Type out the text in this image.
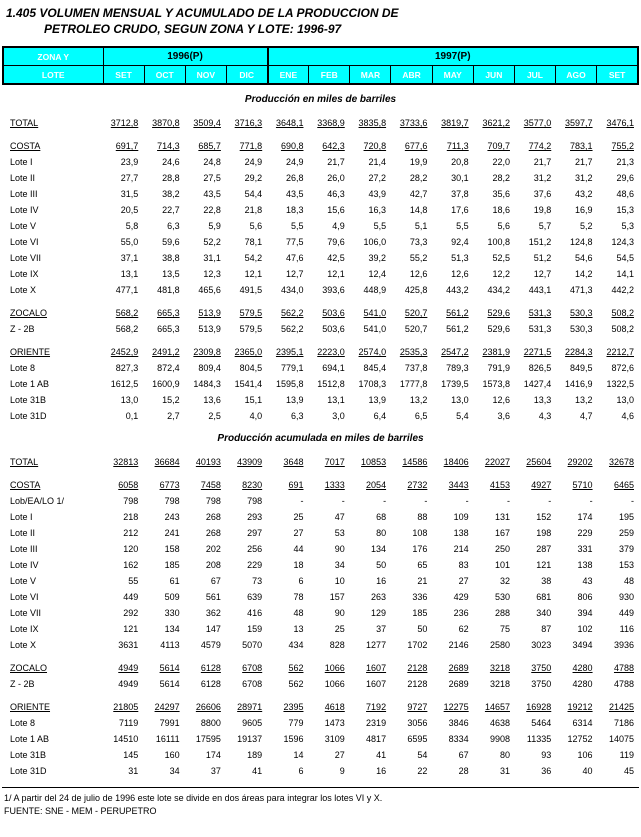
1.405 VOLUMEN MENSUAL Y ACUMULADO DE LA PRODUCCION DE
PETROLEO CRUDO, SEGUN ZONA Y LOTE: 1996-97
ZONA Y	1996(P)				1997(P)								
LOTE	SET	OCT	NOV	DIC	ENE	FEB	MAR	ABR	MAY	JUN	JUL	AGO	SET
Producción en miles de barriles
TOTAL	3712,8	3870,8	3509,4	3716,3	3648,1	3368,9	3835,8	3733,6	3819,7	3621,2	3577,0	3597,7	3476,1
COSTA	691,7	714,3	685,7	771,8	690,8	642,3	720,8	677,6	711,3	709,7	774,2	783,1	755,2
Lote I	23,9	24,6	24,8	24,9	24,9	21,7	21,4	19,9	20,8	22,0	21,7	21,7	21,3
Lote II	27,7	28,8	27,5	29,2	26,8	26,0	27,2	28,2	30,1	28,2	31,2	31,2	29,6
Lote III	31,5	38,2	43,5	54,4	43,5	46,3	43,9	42,7	37,8	35,6	37,6	43,2	48,6
Lote IV	20,5	22,7	22,8	21,8	18,3	15,6	16,3	14,8	17,6	18,6	19,8	16,9	15,3
Lote V	5,8	6,3	5,9	5,6	5,5	4,9	5,5	5,1	5,5	5,6	5,7	5,2	5,3
Lote VI	55,0	59,6	52,2	78,1	77,5	79,6	106,0	73,3	92,4	100,8	151,2	124,8	124,3
Lote VII	37,1	38,8	31,1	54,2	47,6	42,5	39,2	55,2	51,3	52,5	51,2	54,6	54,5
Lote IX	13,1	13,5	12,3	12,1	12,7	12,1	12,4	12,6	12,6	12,2	12,7	14,2	14,1
Lote X	477,1	481,8	465,6	491,5	434,0	393,6	448,9	425,8	443,2	434,2	443,1	471,3	442,2
ZOCALO	568,2	665,3	513,9	579,5	562,2	503,6	541,0	520,7	561,2	529,6	531,3	530,3	508,2
Z - 2B	568,2	665,3	513,9	579,5	562,2	503,6	541,0	520,7	561,2	529,6	531,3	530,3	508,2
ORIENTE	2452,9	2491,2	2309,8	2365,0	2395,1	2223,0	2574,0	2535,3	2547,2	2381,9	2271,5	2284,3	2212,7
Lote 8	827,3	872,4	809,4	804,5	779,1	694,1	845,4	737,8	789,3	791,9	826,5	849,5	872,6
Lote 1 AB	1612,5	1600,9	1484,3	1541,4	1595,8	1512,8	1708,3	1777,8	1739,5	1573,8	1427,4	1416,9	1322,5
Lote 31B	13,0	15,2	13,6	15,1	13,9	13,1	13,9	13,2	13,0	12,6	13,3	13,2	13,0
Lote 31D	0,1	2,7	2,5	4,0	6,3	3,0	6,4	6,5	5,4	3,6	4,3	4,7	4,6
Producción acumulada en miles de barriles
TOTAL	32813	36684	40193	43909	3648	7017	10853	14586	18406	22027	25604	29202	32678
COSTA	6058	6773	7458	8230	691	1333	2054	2732	3443	4153	4927	5710	6465
Lob/EA/LO 1/	798	798	798	798	-	-	-	-	-	-	-	-	-
Lote I	218	243	268	293	25	47	68	88	109	131	152	174	195
Lote II	212	241	268	297	27	53	80	108	138	167	198	229	259
Lote III	120	158	202	256	44	90	134	176	214	250	287	331	379
Lote IV	162	185	208	229	18	34	50	65	83	101	121	138	153
Lote V	55	61	67	73	6	10	16	21	27	32	38	43	48
Lote VI	449	509	561	639	78	157	263	336	429	530	681	806	930
Lote VII	292	330	362	416	48	90	129	185	236	288	340	394	449
Lote IX	121	134	147	159	13	25	37	50	62	75	87	102	116
Lote X	3631	4113	4579	5070	434	828	1277	1702	2146	2580	3023	3494	3936
ZOCALO	4949	5614	6128	6708	562	1066	1607	2128	2689	3218	3750	4280	4788
Z - 2B	4949	5614	6128	6708	562	1066	1607	2128	2689	3218	3750	4280	4788
ORIENTE	21805	24297	26606	28971	2395	4618	7192	9727	12275	14657	16928	19212	21425
Lote 8	7119	7991	8800	9605	779	1473	2319	3056	3846	4638	5464	6314	7186
Lote 1 AB	14510	16111	17595	19137	1596	3109	4817	6595	8334	9908	11335	12752	14075
Lote 31B	145	160	174	189	14	27	41	54	67	80	93	106	119
Lote 31D	31	34	37	41	6	9	16	22	28	31	36	40	45
1/ A partir del 24 de julio de 1996 este lote se divide en dos áreas para integrar los lotes VI y X.
FUENTE: SNE - MEM - PERUPETRO
